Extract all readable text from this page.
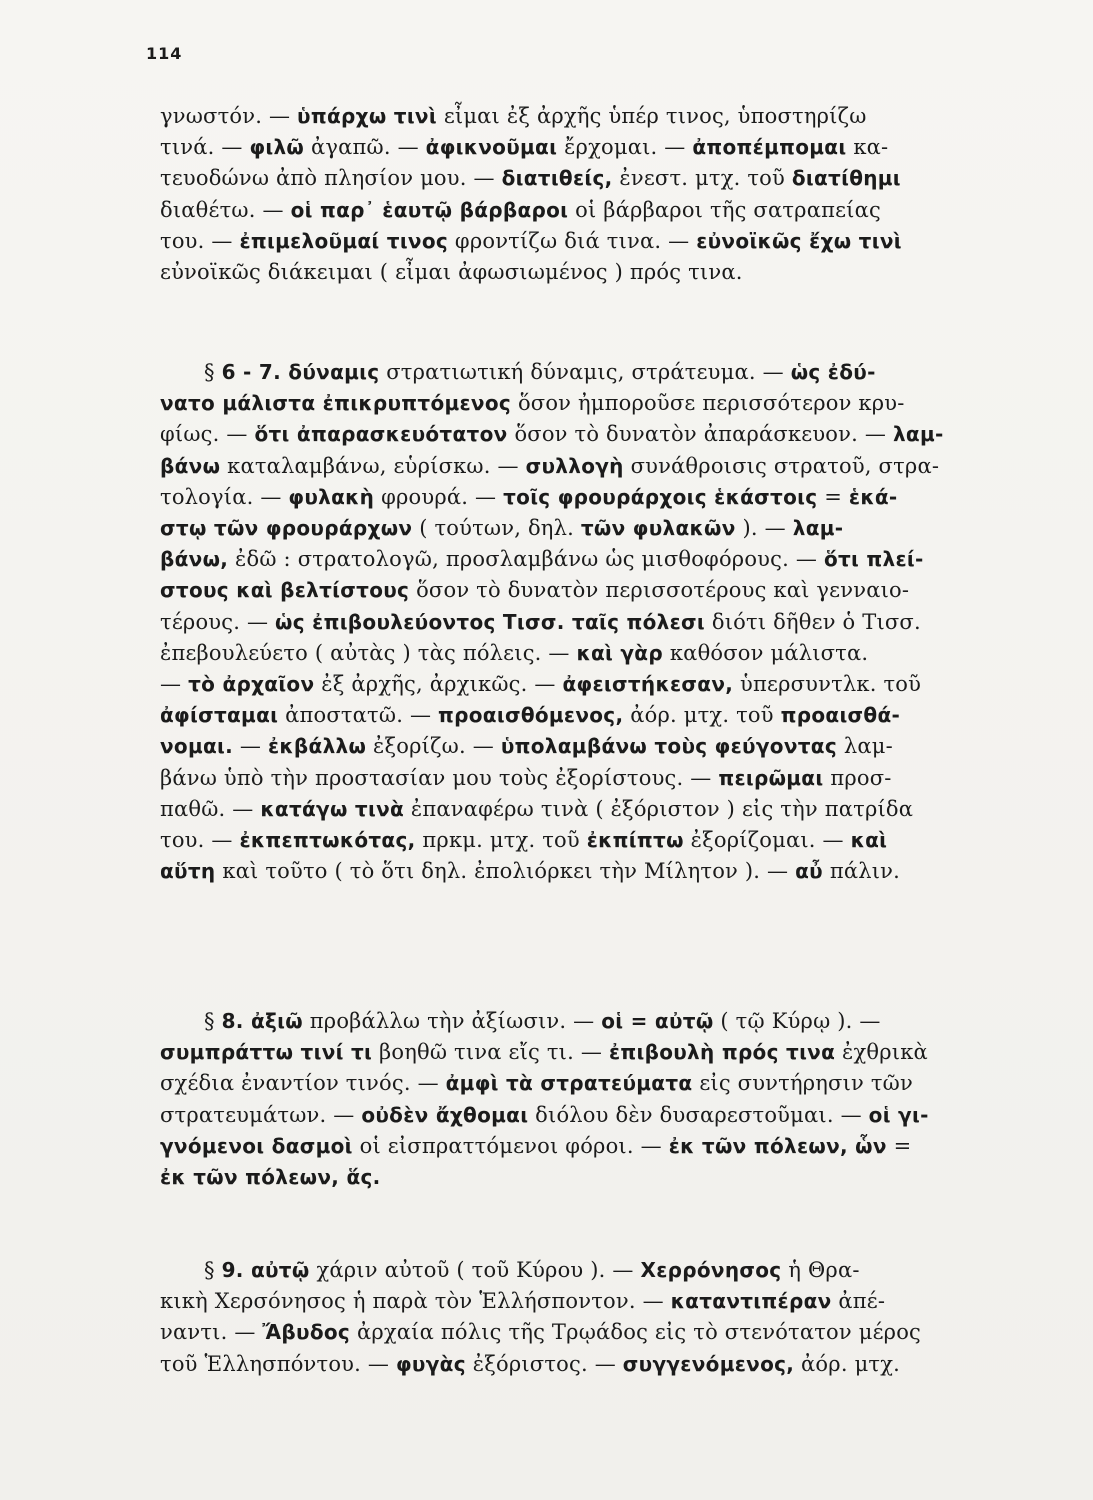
114
γνωστόν. — ὑπάρχω τινὶ εἶμαι ἐξ ἀρχῆς ὑπέρ τινος, ὑποστηρίζω
τινά. — φιλῶ ἀγαπῶ. — ἀφικνοῦμαι ἔρχομαι. — ἀποπέμπομαι κα-
τευοδώνω ἀπὸ πλησίον μου. — διατιθείς, ἐνεστ. μτχ. τοῦ διατίθημι
διαθέτω. — οἱ παρ᾽ ἑαυτῷ βάρβαροι οἱ βάρβαροι τῆς σατραπείας
του. — ἐπιμελοῦμαί τινος φροντίζω διά τινα. — εὐνοϊκῶς ἔχω τινὶ
εὐνοϊκῶς διάκειμαι ( εἶμαι ἀφωσιωμένος ) πρός τινα.
§ 6 - 7. δύναμις στρατιωτική δύναμις, στράτευμα. — ὡς ἐδύ-
νατο μάλιστα ἐπικρυπτόμενος ὅσον ἠμποροῦσε περισσότερον κρυ-
φίως. — ὅτι ἀπαρασκευότατον ὅσον τὸ δυνατὸν ἀπαράσκευον. — λαμ-
βάνω καταλαμβάνω, εὑρίσκω. — συλλογὴ συνάθροισις στρατοῦ, στρα-
τολογία. — φυλακὴ φρουρά. — τοῖς φρουράρχοις ἑκάστοις = ἑκά-
στῳ τῶν φρουράρχων ( τούτων, δηλ. τῶν φυλακῶν ). — λαμ-
βάνω, ἐδῶ : στρατολογῶ, προσλαμβάνω ὡς μισθοφόρους. — ὅτι πλεί-
στους καὶ βελτίστους ὅσον τὸ δυνατὸν περισσοτέρους καὶ γενναιο-
τέρους. — ὡς ἐπιβουλεύοντος Τισσ. ταῖς πόλεσι διότι δῆθεν ὁ Τισσ.
ἐπεβουλεύετο ( αὐτὰς ) τὰς πόλεις. — καὶ γὰρ καθόσον μάλιστα.
— τὸ ἀρχαῖον ἐξ ἀρχῆς, ἀρχικῶς. — ἀφειστήκεσαν, ὑπερσυντλκ. τοῦ
ἀφίσταμαι ἀποστατῶ. — προαισθόμενος, ἀόρ. μτχ. τοῦ προαισθά-
νομαι. — ἐκβάλλω ἐξορίζω. — ὑπολαμβάνω τοὺς φεύγοντας λαμ-
βάνω ὑπὸ τὴν προστασίαν μου τοὺς ἐξορίστους. — πειρῶμαι προσ-
παθῶ. — κατάγω τινὰ ἐπαναφέρω τινὰ ( ἐξόριστον ) εἰς τὴν πατρίδα
του. — ἐκπεπτωκότας, πρκμ. μτχ. τοῦ ἐκπίπτω ἐξορίζομαι. — καὶ
αὕτη καὶ τοῦτο ( τὸ ὅτι δηλ. ἐπολιόρκει τὴν Μίλητον ). — αὖ πάλιν.
§ 8. ἀξιῶ προβάλλω τὴν ἀξίωσιν. — οἱ = αὐτῷ ( τῷ Κύρῳ ). —
συμπράττω τινί τι βοηθῶ τινα εἴς τι. — ἐπιβουλὴ πρός τινα ἐχθρικὰ
σχέδια ἐναντίον τινός. — ἀμφὶ τὰ στρατεύματα εἰς συντήρησιν τῶν
στρατευμάτων. — οὐδὲν ἄχθομαι διόλου δὲν δυσαρεστοῦμαι. — οἱ γι-
γνόμενοι δασμοὶ οἱ εἰσπραττόμενοι φόροι. — ἐκ τῶν πόλεων, ὧν =
ἐκ τῶν πόλεων, ἅς.
§ 9. αὐτῷ χάριν αὐτοῦ ( τοῦ Κύρου ). — Χερρόνησος ἡ Θρα-
κικὴ Χερσόνησος ἡ παρὰ τὸν Ἑλλήσποντον. — καταντιπέραν ἀπέ-
ναντι. — Ἄβυδος ἀρχαία πόλις τῆς Τρῳάδος εἰς τὸ στενότατον μέρος
τοῦ Ἑλλησπόντου. — φυγὰς ἐξόριστος. — συγγενόμενος, ἀόρ. μτχ.
